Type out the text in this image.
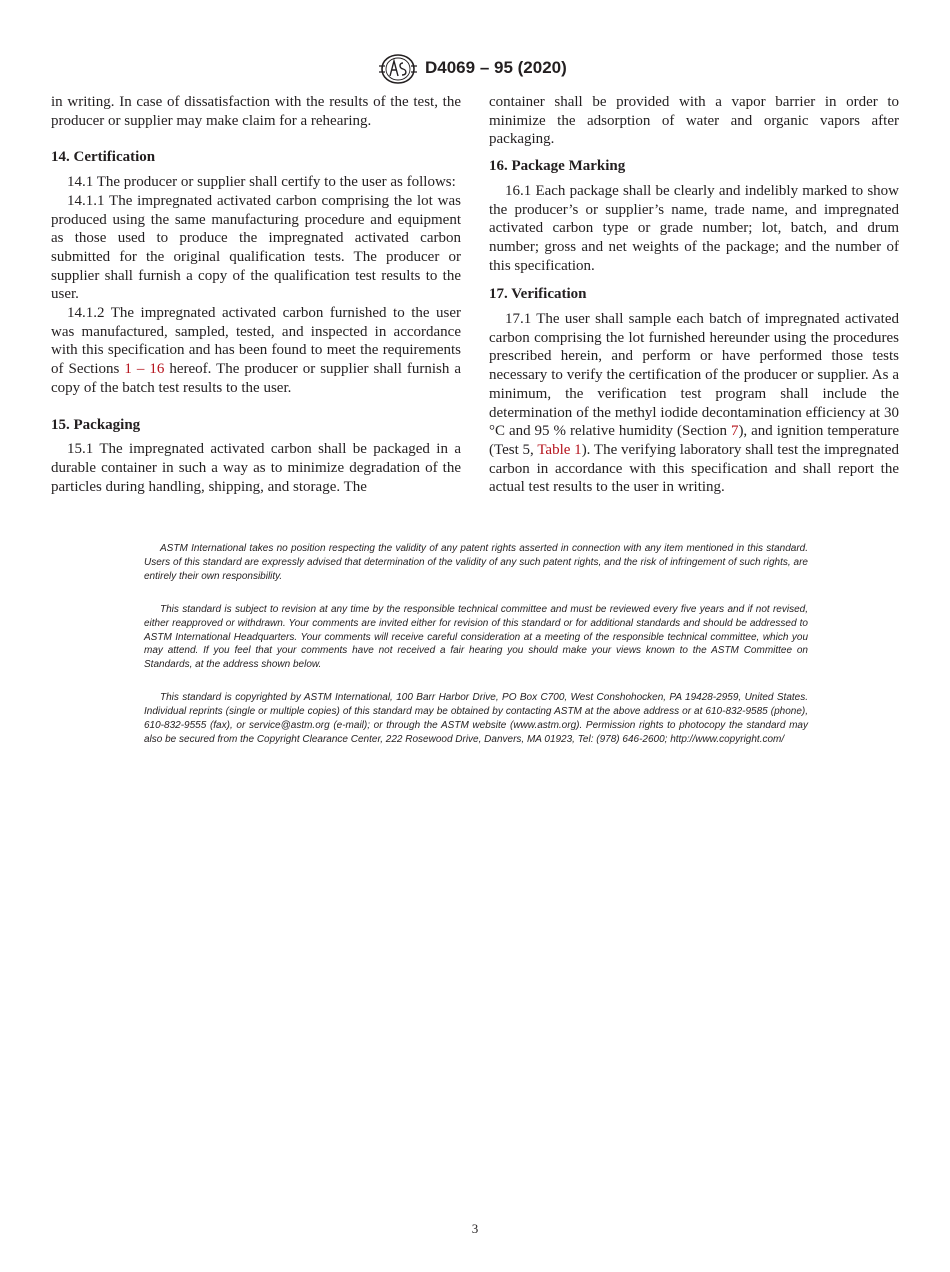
D4069 – 95 (2020)

in writing. In case of dissatisfaction with the results of the test, the producer or supplier may make claim for a rehearing.

14. Certification

14.1 The producer or supplier shall certify to the user as follows:

14.1.1 The impregnated activated carbon comprising the lot was produced using the same manufacturing procedure and equipment as those used to produce the impregnated activated carbon submitted for the original qualification tests. The producer or supplier shall furnish a copy of the qualification test results to the user.

14.1.2 The impregnated activated carbon furnished to the user was manufactured, sampled, tested, and inspected in accordance with this specification and has been found to meet the requirements of Sections 1 – 16 hereof. The producer or supplier shall furnish a copy of the batch test results to the user.

15. Packaging

15.1 The impregnated activated carbon shall be packaged in a durable container in such a way as to minimize degradation of the particles during handling, shipping, and storage. The

container shall be provided with a vapor barrier in order to minimize the adsorption of water and organic vapors after packaging.

16. Package Marking

16.1 Each package shall be clearly and indelibly marked to show the producer’s or supplier’s name, trade name, and impregnated activated carbon type or grade number; lot, batch, and drum number; gross and net weights of the package; and the number of this specification.

17. Verification

17.1 The user shall sample each batch of impregnated activated carbon comprising the lot furnished hereunder using the procedures prescribed herein, and perform or have performed those tests necessary to verify the certification of the producer or supplier. As a minimum, the verification test program shall include the determination of the methyl iodide decontamination efficiency at 30 °C and 95 % relative humidity (Section 7), and ignition temperature (Test 5, Table 1). The verifying laboratory shall test the impregnated carbon in accordance with this specification and shall report the actual test results to the user in writing.

ASTM International takes no position respecting the validity of any patent rights asserted in connection with any item mentioned in this standard. Users of this standard are expressly advised that determination of the validity of any such patent rights, and the risk of infringement of such rights, are entirely their own responsibility.

This standard is subject to revision at any time by the responsible technical committee and must be reviewed every five years and if not revised, either reapproved or withdrawn. Your comments are invited either for revision of this standard or for additional standards and should be addressed to ASTM International Headquarters. Your comments will receive careful consideration at a meeting of the responsible technical committee, which you may attend. If you feel that your comments have not received a fair hearing you should make your views known to the ASTM Committee on Standards, at the address shown below.

This standard is copyrighted by ASTM International, 100 Barr Harbor Drive, PO Box C700, West Conshohocken, PA 19428-2959, United States. Individual reprints (single or multiple copies) of this standard may be obtained by contacting ASTM at the above address or at 610-832-9585 (phone), 610-832-9555 (fax), or service@astm.org (e-mail); or through the ASTM website (www.astm.org). Permission rights to photocopy the standard may also be secured from the Copyright Clearance Center, 222 Rosewood Drive, Danvers, MA 01923, Tel: (978) 646-2600; http://www.copyright.com/

3
